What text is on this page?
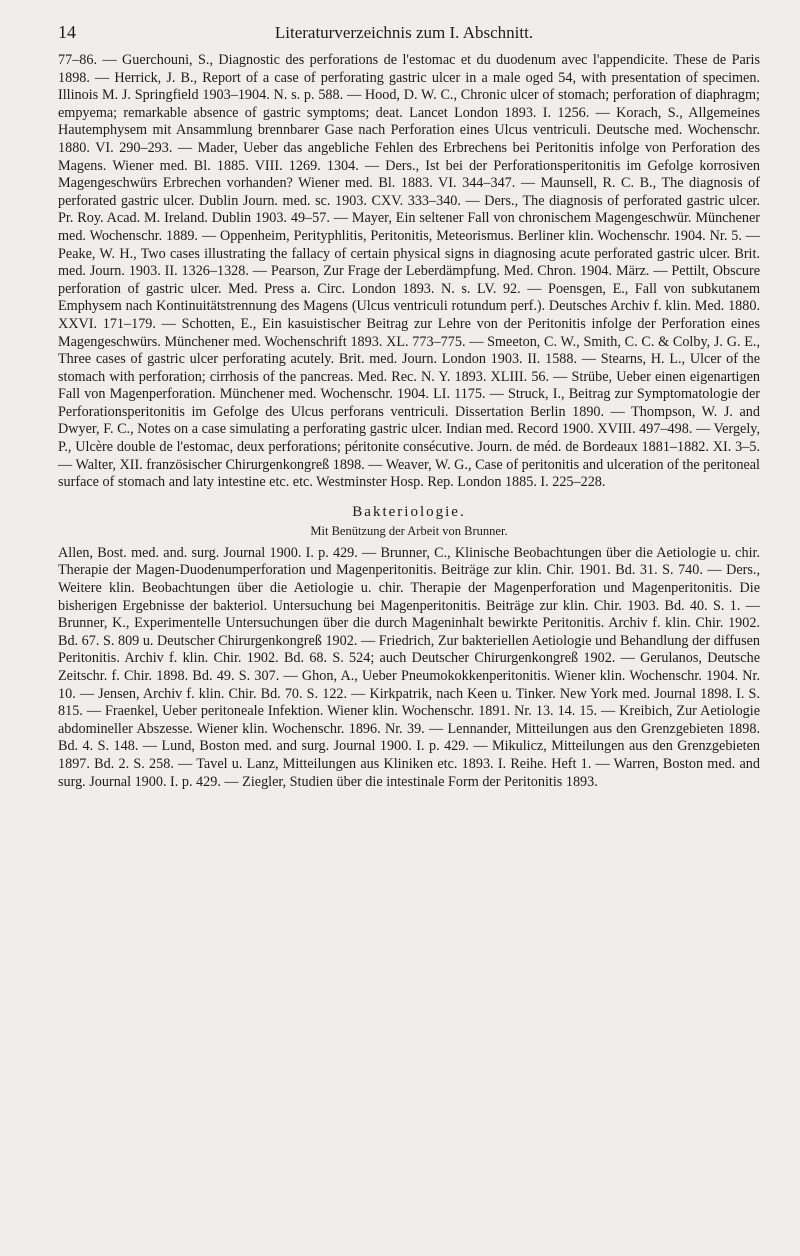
14	Literaturverzeichnis zum I. Abschnitt.

77–86. — Guerchouni, S., Diagnostic des perforations de l'estomac et du duodenum avec l'appendicite. These de Paris 1898. — Herrick, J. B., Report of a case of perforating gastric ulcer in a male oged 54, with presentation of specimen. Illinois M. J. Springfield 1903–1904. N. s. p. 588. — Hood, D. W. C., Chronic ulcer of stomach; perforation of diaphragm; empyema; remarkable absence of gastric symptoms; deat. Lancet London 1893. I. 1256. — Korach, S., Allgemeines Hautemphysem mit Ansammlung brennbarer Gase nach Perforation eines Ulcus ventriculi. Deutsche med. Wochenschr. 1880. VI. 290–293. — Mader, Ueber das angebliche Fehlen des Erbrechens bei Peritonitis infolge von Perforation des Magens. Wiener med. Bl. 1885. VIII. 1269. 1304. — Ders., Ist bei der Perforationsperitonitis im Gefolge korrosiven Magengeschwürs Erbrechen vorhanden? Wiener med. Bl. 1883. VI. 344–347. — Maunsell, R. C. B., The diagnosis of perforated gastric ulcer. Dublin Journ. med. sc. 1903. CXV. 333–340. — Ders., The diagnosis of perforated gastric ulcer. Pr. Roy. Acad. M. Ireland. Dublin 1903. 49–57. — Mayer, Ein seltener Fall von chronischem Magengeschwür. Münchener med. Wochenschr. 1889. — Oppenheim, Perityphlitis, Peritonitis, Meteorismus. Berliner klin. Wochenschr. 1904. Nr. 5. — Peake, W. H., Two cases illustrating the fallacy of certain physical signs in diagnosing acute perforated gastric ulcer. Brit. med. Journ. 1903. II. 1326–1328. — Pearson, Zur Frage der Leberdämpfung. Med. Chron. 1904. März. — Pettilt, Obscure perforation of gastric ulcer. Med. Press a. Circ. London 1893. N. s. LV. 92. — Poensgen, E., Fall von subkutanem Emphysem nach Kontinuitätstrennung des Magens (Ulcus ventriculi rotundum perf.). Deutsches Archiv f. klin. Med. 1880. XXVI. 171–179. — Schotten, E., Ein kasuistischer Beitrag zur Lehre von der Peritonitis infolge der Perforation eines Magengeschwürs. Münchener med. Wochenschrift 1893. XL. 773–775. — Smeeton, C. W., Smith, C. C. & Colby, J. G. E., Three cases of gastric ulcer perforating acutely. Brit. med. Journ. London 1903. II. 1588. — Stearns, H. L., Ulcer of the stomach with perforation; cirrhosis of the pancreas. Med. Rec. N. Y. 1893. XLIII. 56. — Strübe, Ueber einen eigenartigen Fall von Magenperforation. Münchener med. Wochenschr. 1904. LI. 1175. — Struck, I., Beitrag zur Symptomatologie der Perforationsperitonitis im Gefolge des Ulcus perforans ventriculi. Dissertation Berlin 1890. — Thompson, W. J. and Dwyer, F. C., Notes on a case simulating a perforating gastric ulcer. Indian med. Record 1900. XVIII. 497–498. — Vergely, P., Ulcère double de l'estomac, deux perforations; péritonite consécutive. Journ. de méd. de Bordeaux 1881–1882. XI. 3–5. — Walter, XII. französischer Chirurgenkongreß 1898. — Weaver, W. G., Case of peritonitis and ulceration of the peritoneal surface of stomach and laty intestine etc. etc. Westminster Hosp. Rep. London 1885. I. 225–228.

Bakteriologie.
Mit Benützung der Arbeit von Brunner.

Allen, Bost. med. and. surg. Journal 1900. I. p. 429. — Brunner, C., Klinische Beobachtungen über die Aetiologie u. chir. Therapie der Magen-Duodenumperforation und Magenperitonitis. Beiträge zur klin. Chir. 1901. Bd. 31. S. 740. — Ders., Weitere klin. Beobachtungen über die Aetiologie u. chir. Therapie der Magenperforation und Magenperitonitis. Die bisherigen Ergebnisse der bakteriol. Untersuchung bei Magenperitonitis. Beiträge zur klin. Chir. 1903. Bd. 40. S. 1. — Brunner, K., Experimentelle Untersuchungen über die durch Mageninhalt bewirkte Peritonitis. Archiv f. klin. Chir. 1902. Bd. 67. S. 809 u. Deutscher Chirurgenkongreß 1902. — Friedrich, Zur bakteriellen Aetiologie und Behandlung der diffusen Peritonitis. Archiv f. klin. Chir. 1902. Bd. 68. S. 524; auch Deutscher Chirurgenkongreß 1902. — Gerulanos, Deutsche Zeitschr. f. Chir. 1898. Bd. 49. S. 307. — Ghon, A., Ueber Pneumokokkenperitonitis. Wiener klin. Wochenschr. 1904. Nr. 10. — Jensen, Archiv f. klin. Chir. Bd. 70. S. 122. — Kirkpatrik, nach Keen u. Tinker. New York med. Journal 1898. I. S. 815. — Fraenkel, Ueber peritoneale Infektion. Wiener klin. Wochenschr. 1891. Nr. 13. 14. 15. — Kreibich, Zur Aetiologie abdomineller Abszesse. Wiener klin. Wochenschr. 1896. Nr. 39. — Lennander, Mitteilungen aus den Grenzgebieten 1898. Bd. 4. S. 148. — Lund, Boston med. and surg. Journal 1900. I. p. 429. — Mikulicz, Mitteilungen aus den Grenzgebieten 1897. Bd. 2. S. 258. — Tavel u. Lanz, Mitteilungen aus Kliniken etc. 1893. I. Reihe. Heft 1. — Warren, Boston med. and surg. Journal 1900. I. p. 429. — Ziegler, Studien über die intestinale Form der Peritonitis 1893.
